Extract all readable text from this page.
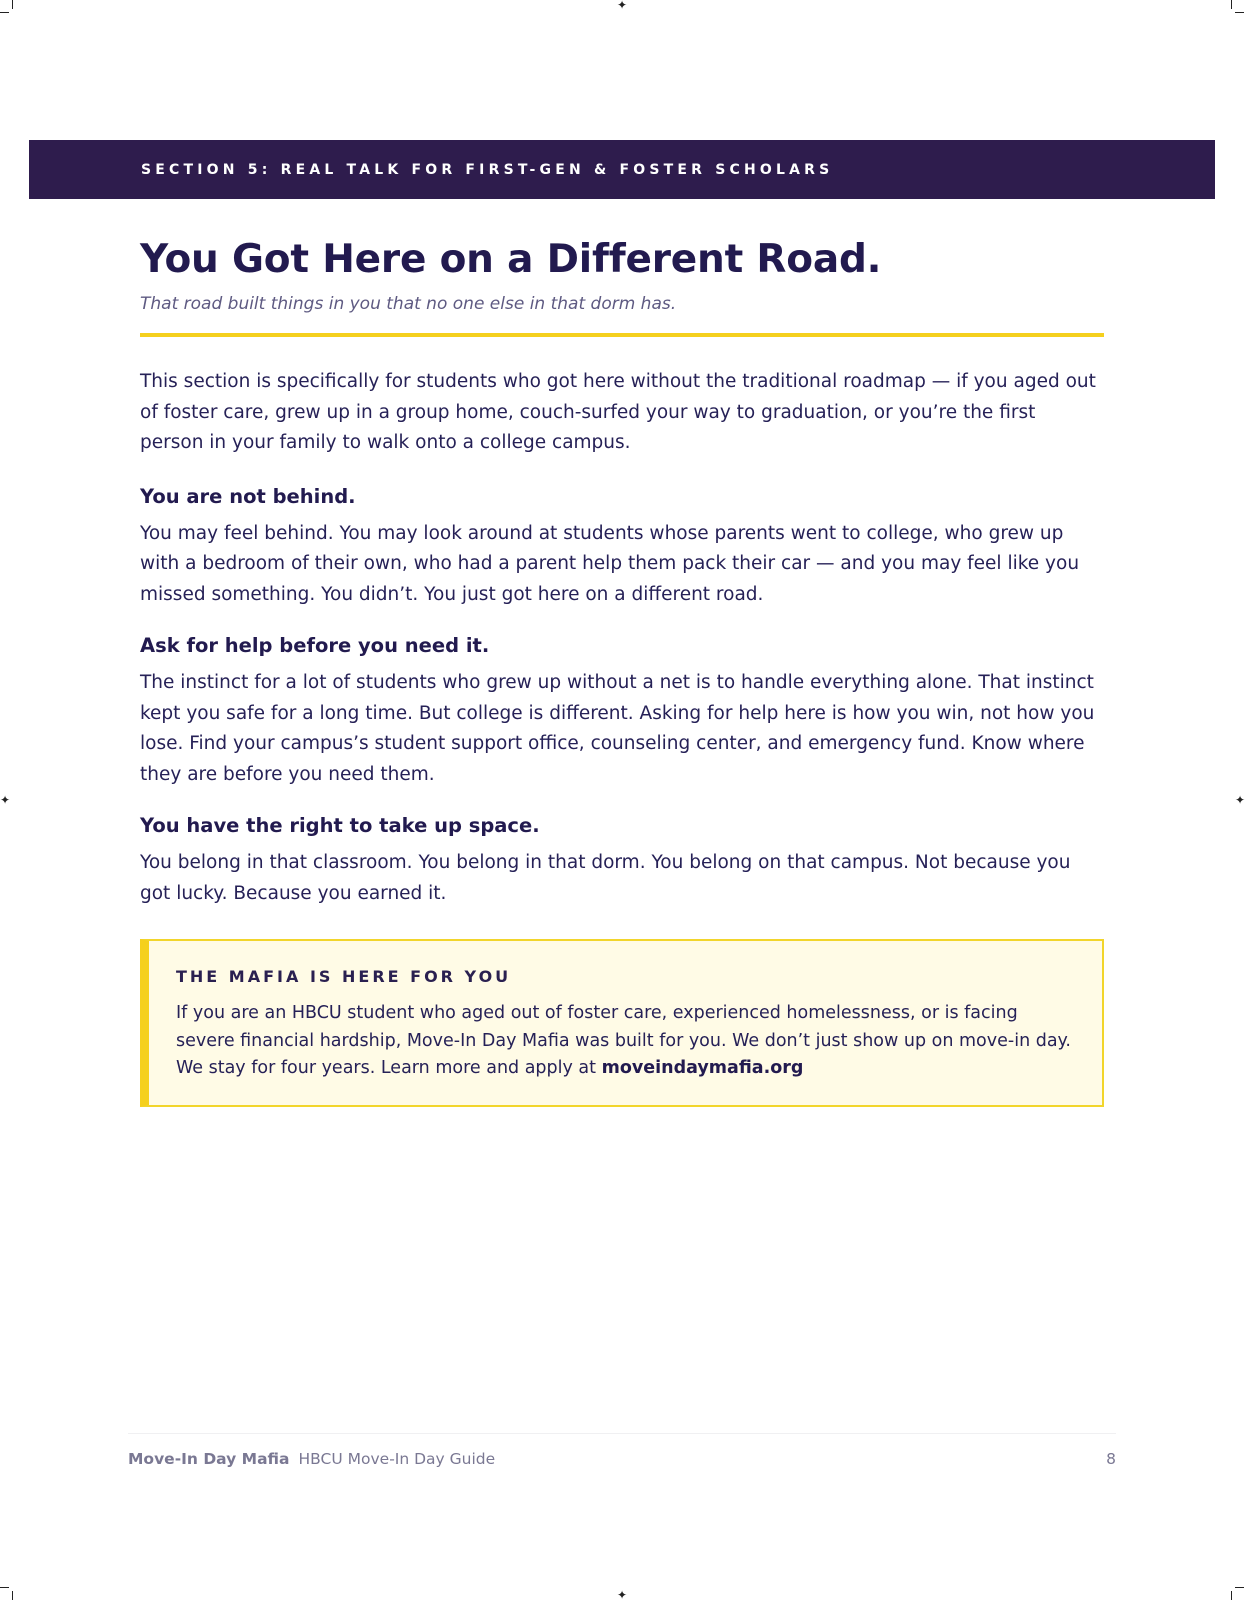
✦
✦
✦	✦
SECTION 5: REAL TALK FOR FIRST-GEN & FOSTER SCHOLARS
You Got Here on a Different Road.

That road built things in you that no one else in that dorm has.

This section is specifically for students who got here without the traditional roadmap — if you aged out of foster care, grew up in a group home, couch-surfed your way to graduation, or you’re the first person in your family to walk onto a college campus.

You are not behind.

You may feel behind. You may look around at students whose parents went to college, who grew up with a bedroom of their own, who had a parent help them pack their car — and you may feel like you missed something. You didn’t. You just got here on a different road.

Ask for help before you need it.

The instinct for a lot of students who grew up without a net is to handle everything alone. That instinct kept you safe for a long time. But college is different. Asking for help here is how you win, not how you lose. Find your campus’s student support office, counseling center, and emergency fund. Know where they are before you need them.

You have the right to take up space.

You belong in that classroom. You belong in that dorm. You belong on that campus. Not because you got lucky. Because you earned it.

THE MAFIA IS HERE FOR YOU

If you are an HBCU student who aged out of foster care, experienced homelessness, or is facing severe financial hardship, Move-In Day Mafia was built for you. We don’t just show up on move-in day. We stay for four years. Learn more and apply at moveindaymafia.org

Move-In Day Mafia HBCU Move-In Day Guide	8
